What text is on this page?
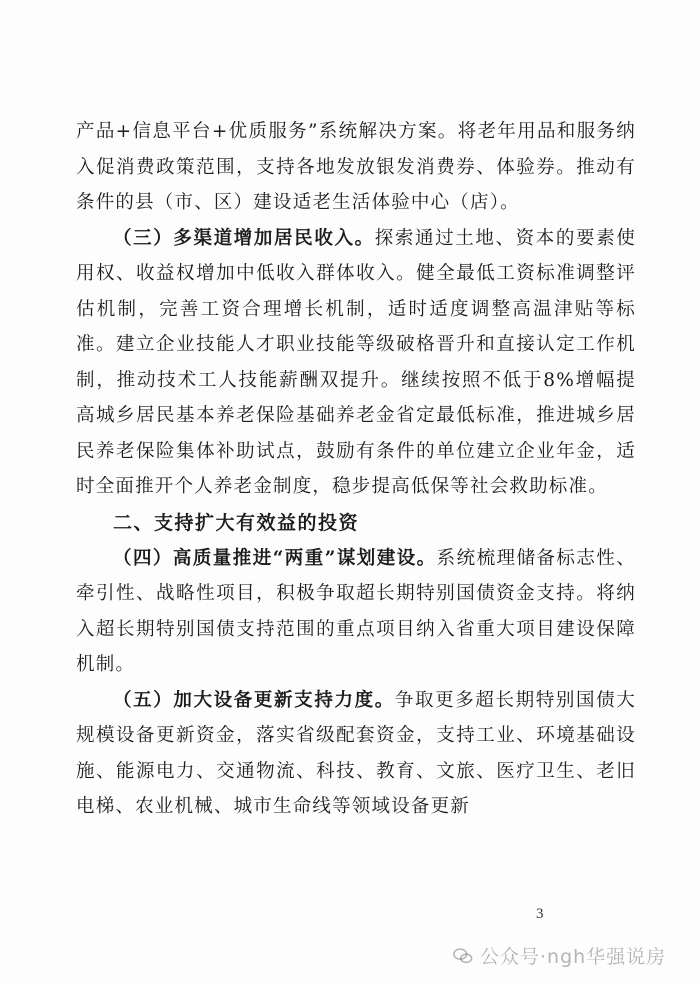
产品+信息平台+优质服务”系统解决方案。将老年用品和服务纳入促消费政策范围，支持各地发放银发消费券、体验券。推动有条件的县（市、区）建设适老生活体验中心（店）。

（三）多渠道增加居民收入。探索通过土地、资本的要素使用权、收益权增加中低收入群体收入。健全最低工资标准调整评估机制，完善工资合理增长机制，适时适度调整高温津贴等标准。建立企业技能人才职业技能等级破格晋升和直接认定工作机制，推动技术工人技能薪酬双提升。继续按照不低于8%增幅提高城乡居民基本养老保险基础养老金省定最低标准，推进城乡居民养老保险集体补助试点，鼓励有条件的单位建立企业年金，适时全面推开个人养老金制度，稳步提高低保等社会救助标准。

二、支持扩大有效益的投资

（四）高质量推进“两重”谋划建设。系统梳理储备标志性、牵引性、战略性项目，积极争取超长期特别国债资金支持。将纳入超长期特别国债支持范围的重点项目纳入省重大项目建设保障机制。

（五）加大设备更新支持力度。争取更多超长期特别国债大规模设备更新资金，落实省级配套资金，支持工业、环境基础设施、能源电力、交通物流、科技、教育、文旅、医疗卫生、老旧电梯、农业机械、城市生命线等领域设备更新

3
公众号·ngh华强说房
